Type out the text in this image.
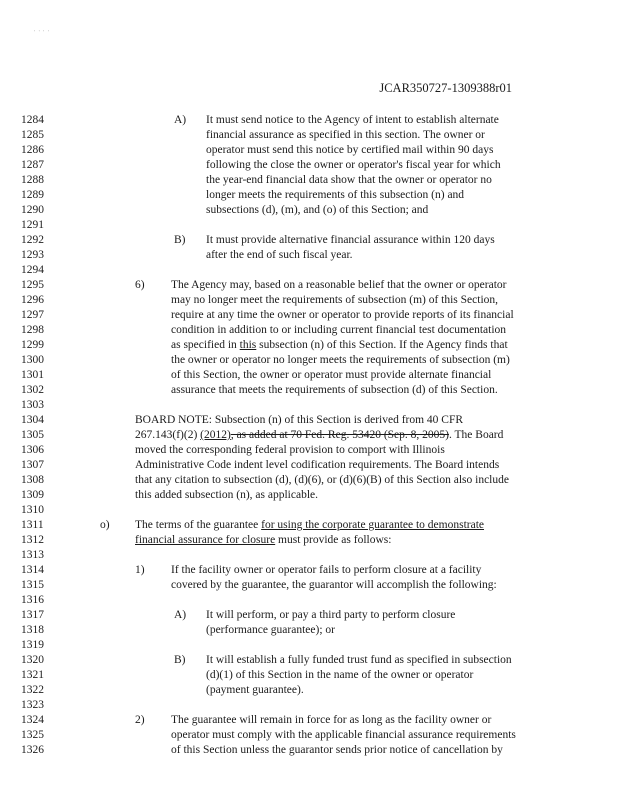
' ' ' '
JCAR350727-1309388r01
1284
1285
1286
1287
1288
1289
1290
1291
1292
1293
1294
1295
1296
1297
1298
1299
1300
1301
1302
1303
1304
1305
1306
1307
1308
1309
1310
1311
1312
1313
1314
1315
1316
1317
1318
1319
1320
1321
1322
1323
1324
1325
1326
A) It must send notice to the Agency of intent to establish alternate
financial assurance as specified in this section. The owner or
operator must send this notice by certified mail within 90 days
following the close the owner or operator's fiscal year for which
the year-end financial data show that the owner or operator no
longer meets the requirements of this subsection (n) and
subsections (d), (m), and (o) of this Section; and
B) It must provide alternative financial assurance within 120 days
after the end of such fiscal year.
6) The Agency may, based on a reasonable belief that the owner or operator
may no longer meet the requirements of subsection (m) of this Section,
require at any time the owner or operator to provide reports of its financial
condition in addition to or including current financial test documentation
as specified in this subsection (n) of this Section. If the Agency finds that
the owner or operator no longer meets the requirements of subsection (m)
of this Section, the owner or operator must provide alternate financial
assurance that meets the requirements of subsection (d) of this Section.
BOARD NOTE: Subsection (n) of this Section is derived from 40 CFR
267.143(f)(2) (2012), as added at 70 Fed. Reg. 53420 (Sep. 8, 2005). The Board
moved the corresponding federal provision to comport with Illinois
Administrative Code indent level codification requirements. The Board intends
that any citation to subsection (d), (d)(6), or (d)(6)(B) of this Section also include
this added subsection (n), as applicable.
o) The terms of the guarantee for using the corporate guarantee to demonstrate
financial assurance for closure must provide as follows:
1) If the facility owner or operator fails to perform closure at a facility
covered by the guarantee, the guarantor will accomplish the following:
A) It will perform, or pay a third party to perform closure
(performance guarantee); or
B) It will establish a fully funded trust fund as specified in subsection
(d)(1) of this Section in the name of the owner or operator
(payment guarantee).
2) The guarantee will remain in force for as long as the facility owner or
operator must comply with the applicable financial assurance requirements
of this Section unless the guarantor sends prior notice of cancellation by
